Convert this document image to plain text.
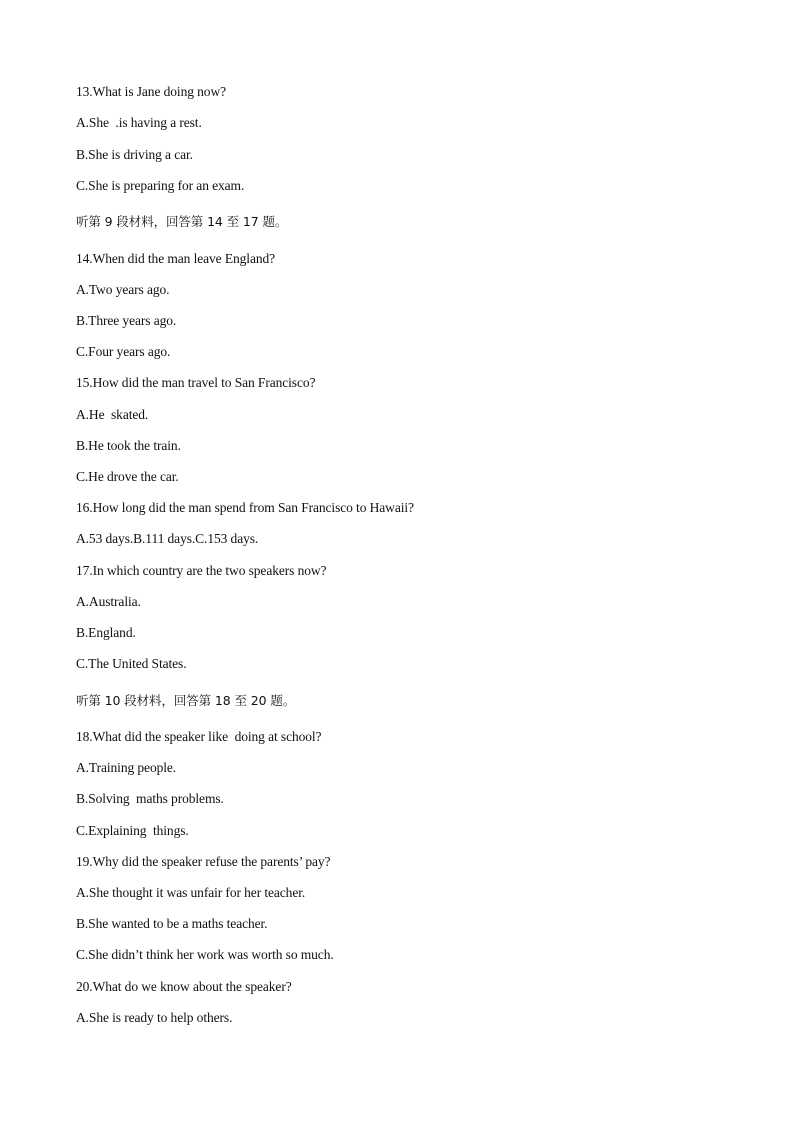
13.What is Jane doing now?

A.She  .is having a rest.

B.She is driving a car.

C.She is preparing for an exam.

听第 9 段材料，回答第 14 至 17 题。

14.When did the man leave England?

A.Two years ago.

B.Three years ago.

C.Four years ago.

15.How did the man travel to San Francisco?

A.He  skated.

B.He took the train.

C.He drove the car.

16.How long did the man spend from San Francisco to Hawaii?

A.53 days.B.111 days.C.153 days.

17.In which country are the two speakers now?

A.Australia.

B.England.

C.The United States.

听第 10 段材料，回答第 18 至 20 题。

18.What did the speaker like  doing at school?

A.Training people.

B.Solving  maths problems.

C.Explaining  things.

19.Why did the speaker refuse the parents’ pay?

A.She thought it was unfair for her teacher.

B.She wanted to be a maths teacher.

C.She didn’t think her work was worth so much.

20.What do we know about the speaker?

A.She is ready to help others.
